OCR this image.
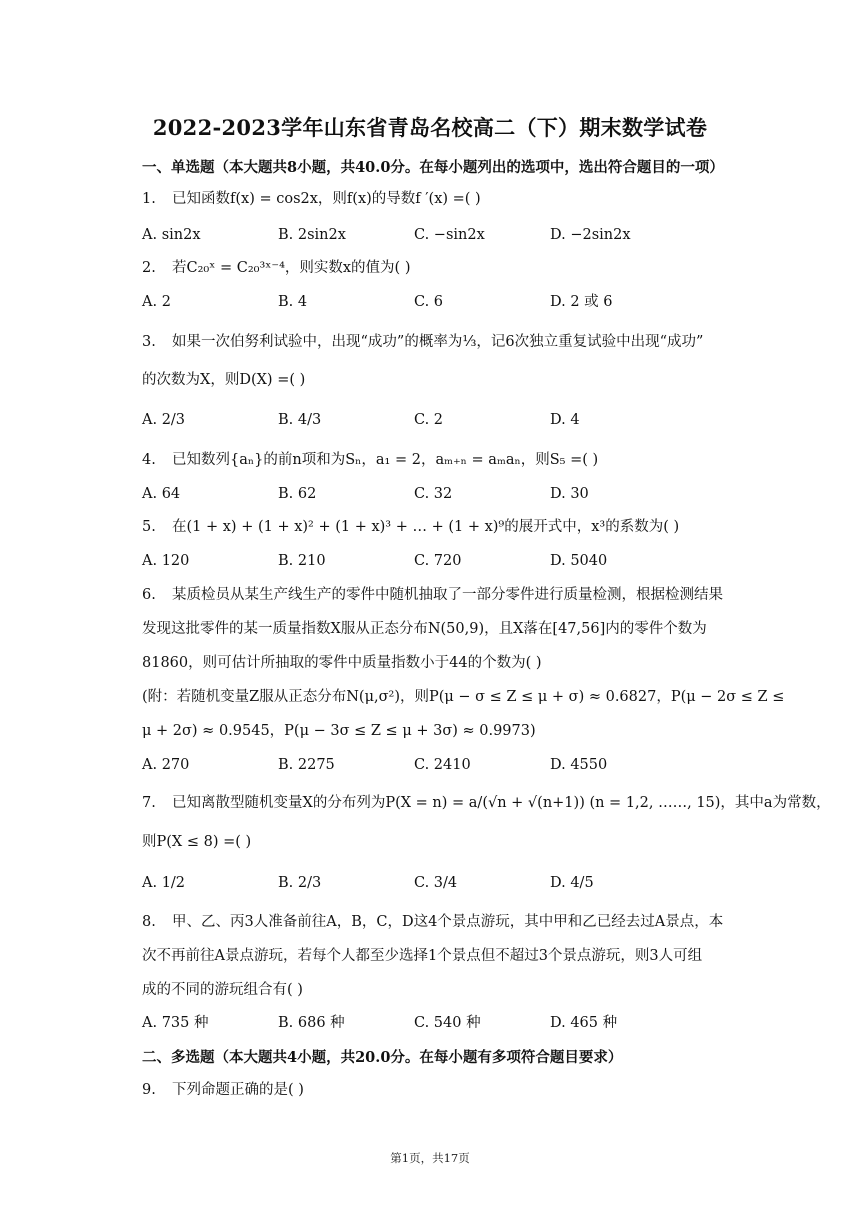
2022-2023学年山东省青岛名校高二（下）期末数学试卷
一、单选题（本大题共8小题，共40.0分。在每小题列出的选项中，选出符合题目的一项）
1. 已知函数f(x) = cos2x，则f(x)的导数f ′(x) =( )
A. sin2x	B. 2sin2x	C. −sin2x	D. −2sin2x
2. 若C₂₀ˣ = C₂₀³ˣ⁻⁴，则实数x的值为( )
A. 2	B. 4	C. 6	D. 2 或 6
3. 如果一次伯努利试验中，出现“成功”的概率为⅓，记6次独立重复试验中出现“成功”
的次数为X，则D(X) =( )
A. 2/3	B. 4/3	C. 2	D. 4
4. 已知数列{aₙ}的前n项和为Sₙ，a₁ = 2，aₘ₊ₙ = aₘaₙ，则S₅ =( )
A. 64	B. 62	C. 32	D. 30
5. 在(1 + x) + (1 + x)² + (1 + x)³ + … + (1 + x)⁹的展开式中，x³的系数为( )
A. 120	B. 210	C. 720	D. 5040
6. 某质检员从某生产线生产的零件中随机抽取了一部分零件进行质量检测，根据检测结果
发现这批零件的某一质量指数X服从正态分布N(50,9)，且X落在[47,56]内的零件个数为
81860，则可估计所抽取的零件中质量指数小于44的个数为( )
(附：若随机变量Z服从正态分布N(μ,σ²)，则P(μ − σ ≤ Z ≤ μ + σ) ≈ 0.6827，P(μ − 2σ ≤ Z ≤
μ + 2σ) ≈ 0.9545，P(μ − 3σ ≤ Z ≤ μ + 3σ) ≈ 0.9973)
A. 270	B. 2275	C. 2410	D. 4550
7. 已知离散型随机变量X的分布列为P(X = n) = a/(√n + √(n+1)) (n = 1,2, ……, 15)，其中a为常数，
则P(X ≤ 8) =( )
A. 1/2	B. 2/3	C. 3/4	D. 4/5
8. 甲、乙、丙3人准备前往A，B，C，D这4个景点游玩，其中甲和乙已经去过A景点，本
次不再前往A景点游玩，若每个人都至少选择1个景点但不超过3个景点游玩，则3人可组
成的不同的游玩组合有( )
A. 735 种	B. 686 种	C. 540 种	D. 465 种
二、多选题（本大题共4小题，共20.0分。在每小题有多项符合题目要求）
9. 下列命题正确的是( )
第1页，共17页
